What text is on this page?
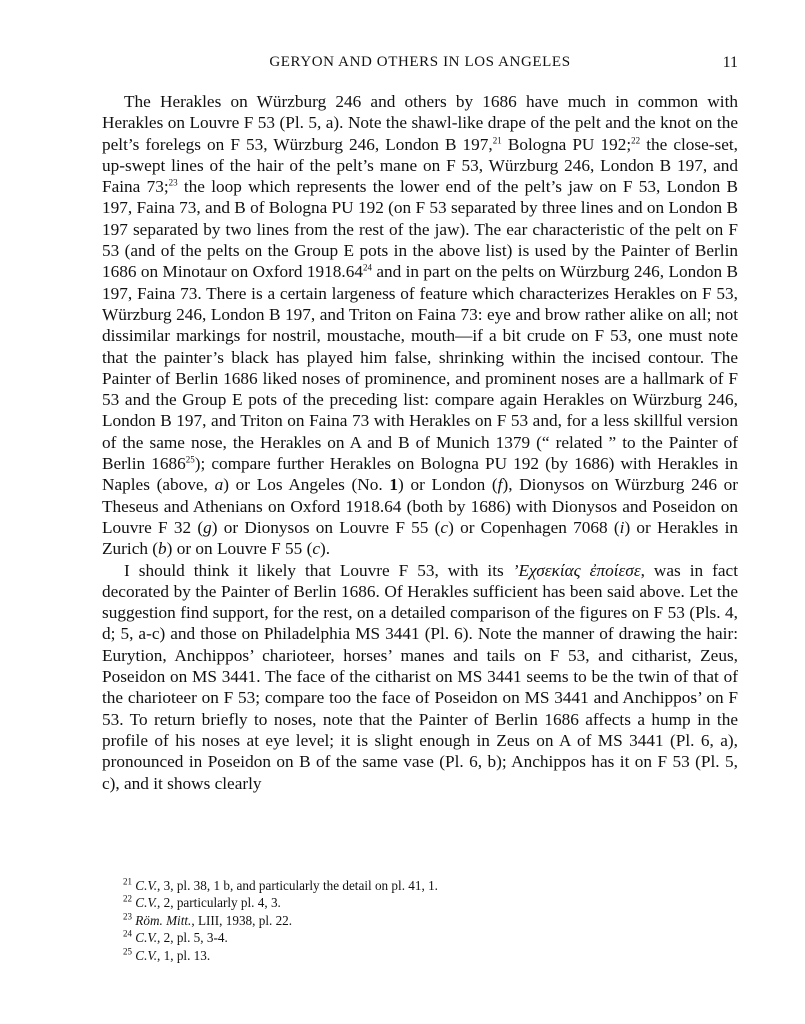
GERYON AND OTHERS IN LOS ANGELES	11
The Herakles on Würzburg 246 and others by 1686 have much in common with Herakles on Louvre F 53 (Pl. 5, a). Note the shawl-like drape of the pelt and the knot on the pelt’s forelegs on F 53, Würzburg 246, London B 197,21 Bologna PU 192;$^{22}$ the close-set, up-swept lines of the hair of the pelt’s mane on F 53, Würzburg 246, London B 197, and Faina 73;$^{23}$ the loop which represents the lower end of the pelt’s jaw on F 53, London B 197, Faina 73, and B of Bologna PU 192 (on F 53 separated by three lines and on London B 197 separated by two lines from the rest of the jaw). The ear characteristic of the pelt on F 53 (and of the pelts on the Group E pots in the above list) is used by the Painter of Berlin 1686 on Minotaur on Oxford 1918.64$^{24}$ and in part on the pelts on Würzburg 246, London B 197, Faina 73. There is a certain largeness of feature which characterizes Herakles on F 53, Würzburg 246, London B 197, and Triton on Faina 73: eye and brow rather alike on all; not dissimilar markings for nostril, moustache, mouth—if a bit crude on F 53, one must note that the painter’s black has played him false, shrinking within the incised contour. The Painter of Berlin 1686 liked noses of prominence, and prominent noses are a hallmark of F 53 and the Group E pots of the preceding list: compare again Herakles on Würzburg 246, London B 197, and Triton on Faina 73 with Herakles on F 53 and, for a less skillful version of the same nose, the Herakles on A and B of Munich 1379 (“ related ” to the Painter of Berlin 1686$^{25}$); compare further Herakles on Bologna PU 192 (by 1686) with Herakles in Naples (above, a) or Los Angeles (No. 1) or London (f), Dionysos on Würzburg 246 or Theseus and Athenians on Oxford 1918.64 (both by 1686) with Dionysos and Poseidon on Louvre F 32 (g) or Dionysos on Louvre F 55 (c) or Copenhagen 7068 (i) or Herakles in Zurich (b) or on Louvre F 55 (c).
I should think it likely that Louvre F 53, with its ’Εχσεκίας ἐποίεσε, was in fact decorated by the Painter of Berlin 1686. Of Herakles sufficient has been said above. Let the suggestion find support, for the rest, on a detailed comparison of the figures on F 53 (Pls. 4, d; 5, a-c) and those on Philadelphia MS 3441 (Pl. 6). Note the manner of drawing the hair: Eurytion, Anchippos’ charioteer, horses’ manes and tails on F 53, and citharist, Zeus, Poseidon on MS 3441. The face of the citharist on MS 3441 seems to be the twin of that of the charioteer on F 53; compare too the face of Poseidon on MS 3441 and Anchippos’ on F 53. To return briefly to noses, note that the Painter of Berlin 1686 affects a hump in the profile of his noses at eye level; it is slight enough in Zeus on A of MS 3441 (Pl. 6, a), pronounced in Poseidon on B of the same vase (Pl. 6, b); Anchippos has it on F 53 (Pl. 5, c), and it shows clearly

$^{21}$ C.V., 3, pl. 38, 1 b, and particularly the detail on pl. 41, 1.

$^{22}$ C.V., 2, particularly pl. 4, 3.

$^{23}$ Röm. Mitt., LIII, 1938, pl. 22.

$^{24}$ C.V., 2, pl. 5, 3-4.

$^{25}$ C.V., 1, pl. 13.
